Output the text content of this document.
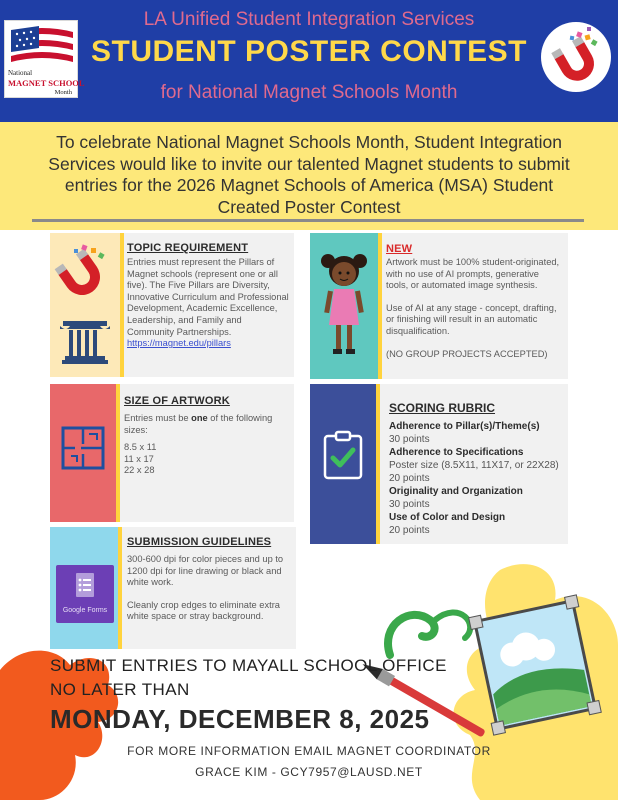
National
MAGNET SCHOOL
Month
LA Unified Student Integration Services
STUDENT POSTER CONTEST
for National Magnet Schools Month
To celebrate National Magnet Schools Month, Student Integration Services would like to invite our talented Magnet students to submit entries for the 2026 Magnet Schools of America (MSA) Student Created Poster Contest
TOPIC REQUIREMENT
Entries must represent the Pillars of Magnet schools (represent one or all five). The Five Pillars are Diversity, Innovative Curriculum and Professional Development, Academic Excellence, Leadership, and Family and Community Partnerships.
https://magnet.edu/pillars
NEW
Artwork must be 100% student-originated, with no use of AI prompts, generative tools, or automated image synthesis.
Use of AI at any stage - concept, drafting, or finishing will result in an automatic disqualification.
(NO GROUP PROJECTS ACCEPTED)
SIZE OF ARTWORK
Entries must be one of the following sizes:
8.5 x 11
11 x 17
22 x 28
SCORING RUBRIC
Adherence to Pillar(s)/Theme(s)
30 points
Adherence to Specifications
Poster size (8.5X11, 11X17, or 22X28)
20 points
Originality and Organization
30 points
Use of Color and Design
20 points
Google Forms
SUBMISSION GUIDELINES
300-600 dpi for color pieces and up to 1200 dpi for line drawing or black and white work.
Cleanly crop edges to eliminate extra white space or stray background.
SUBMIT ENTRIES TO MAYALL SCHOOL OFFICE
NO LATER THAN
MONDAY, DECEMBER 8, 2025
FOR MORE INFORMATION EMAIL MAGNET COORDINATOR
GRACE KIM - GCY7957@LAUSD.NET
